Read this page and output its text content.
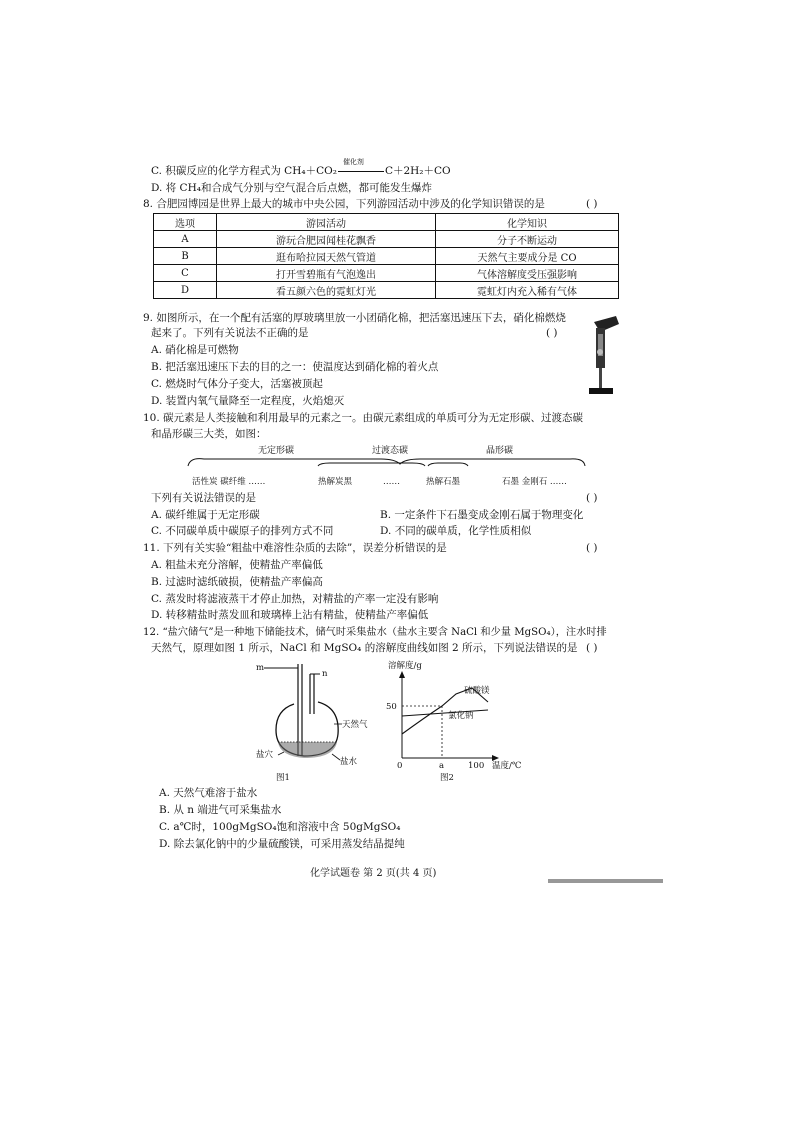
C. 积碳反应的化学方程式为 CH₄＋CO₂
催化剂
C＋2H₂＋CO
D. 将 CH₄和合成气分别与空气混合后点燃，都可能发生爆炸
8. 合肥园博园是世界上最大的城市中央公园，下列游园活动中涉及的化学知识错误的是	( )
选项	游园活动	化学知识
A	游玩合肥园闻桂花飘香	分子不断运动
B	逛布哈拉园天然气管道	天然气主要成分是 CO
C	打开雪碧瓶有气泡逸出	气体溶解度受压强影响
D	看五颜六色的霓虹灯光	霓虹灯内充入稀有气体
9. 如图所示，在一个配有活塞的厚玻璃里放一小团硝化棉，把活塞迅速压下去，硝化棉燃烧
起来了。下列有关说法不正确的是	( )
A. 硝化棉是可燃物
B. 把活塞迅速压下去的目的之一：使温度达到硝化棉的着火点
C. 燃烧时气体分子变大，活塞被顶起
D. 装置内氧气量降至一定程度，火焰熄灭
10. 碳元素是人类接触和利用最早的元素之一。由碳元素组成的单质可分为无定形碳、过渡态碳
和晶形碳三大类，如图：
无定形碳	过渡态碳	晶形碳
活性炭 碳纤维 ……	热解炭黑	……	热解石墨	石墨 金刚石 ……
下列有关说法错误的是	( )
A. 碳纤维属于无定形碳	B. 一定条件下石墨变成金刚石属于物理变化
C. 不同碳单质中碳原子的排列方式不同	D. 不同的碳单质，化学性质相似
11. 下列有关实验“粗盐中难溶性杂质的去除”，误差分析错误的是	( )
A. 粗盐未充分溶解，使精盐产率偏低
B. 过滤时滤纸破损，使精盐产率偏高
C. 蒸发时将滤液蒸干才停止加热，对精盐的产率一定没有影响
D. 转移精盐时蒸发皿和玻璃棒上沾有精盐，使精盐产率偏低
12. “盐穴储气”是一种地下储能技术，储气时采集盐水（盐水主要含 NaCl 和少量 MgSO₄），注水时排
天然气，原理如图 1 所示，NaCl 和 MgSO₄ 的溶解度曲线如图 2 所示，下列说法错误的是 ( )
m
n
天然气
盐穴
盐水
图1
溶解度/g
50
硫酸镁
氯化钠
0	a	100 温度/℃
图2
A. 天然气难溶于盐水
B. 从 n 端进气可采集盐水
C. a℃时，100gMgSO₄饱和溶液中含 50gMgSO₄
D. 除去氯化钠中的少量硫酸镁，可采用蒸发结晶提纯
化学试题卷 第 2 页(共 4 页)
